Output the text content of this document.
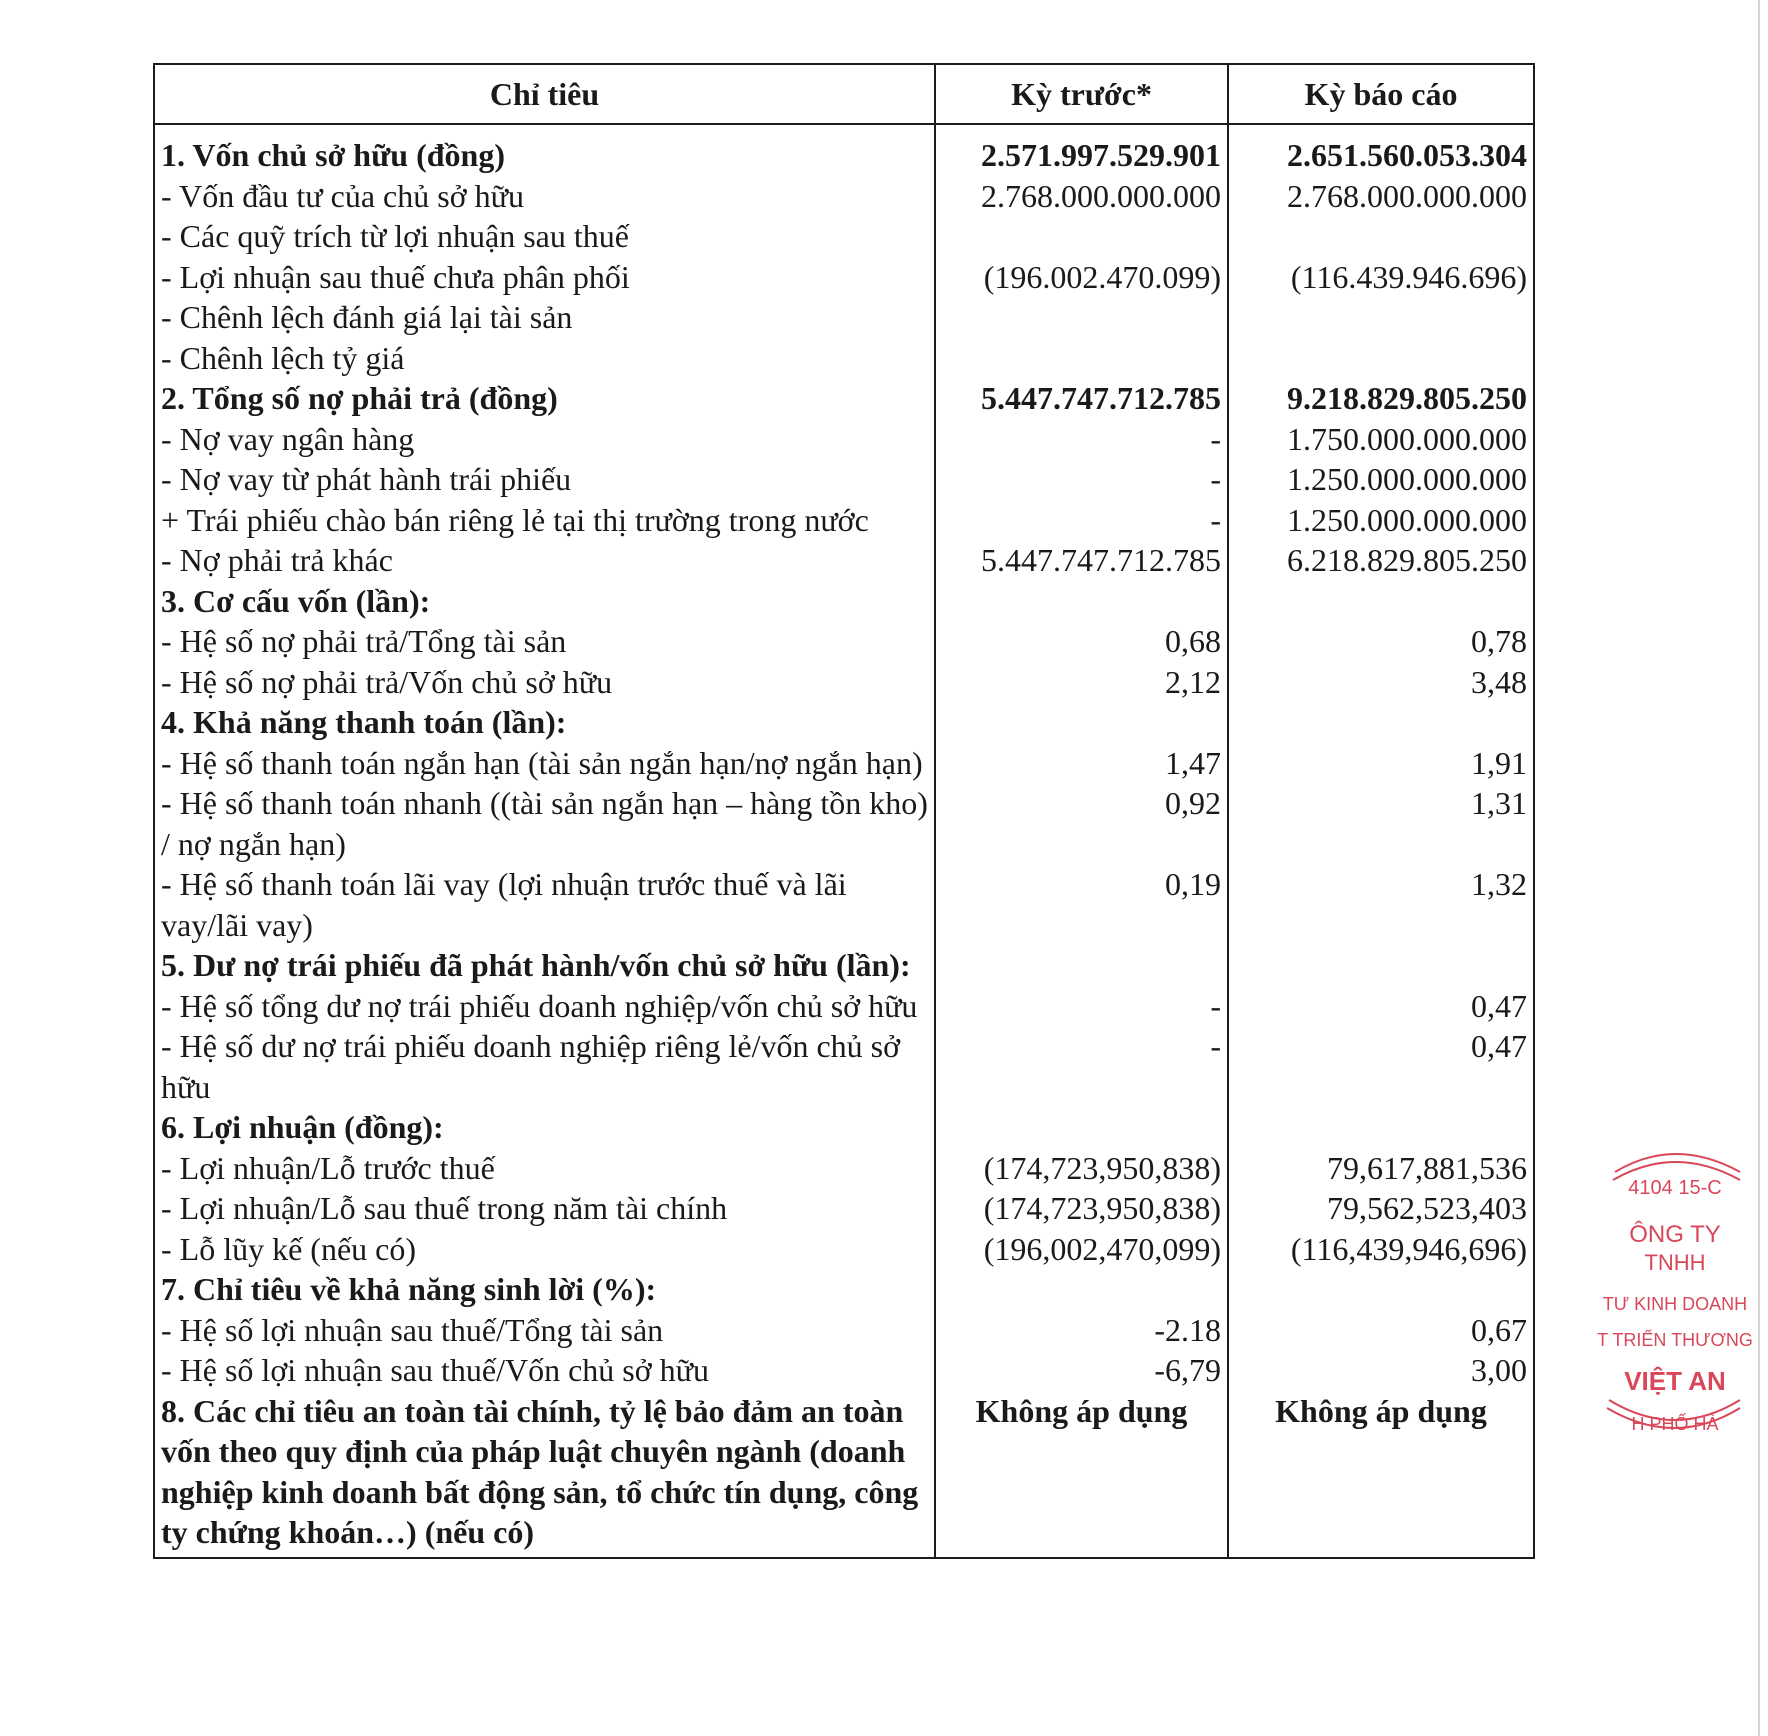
Chỉ tiêu	Kỳ trước*	Kỳ báo cáo
1. Vốn chủ sở hữu (đồng)	2.571.997.529.901	2.651.560.053.304
- Vốn đầu tư của chủ sở hữu	2.768.000.000.000	2.768.000.000.000
- Các quỹ trích từ lợi nhuận sau thuế		
- Lợi nhuận sau thuế chưa phân phối	(196.002.470.099)	(116.439.946.696)
- Chênh lệch đánh giá lại tài sản		
- Chênh lệch tỷ giá		
2. Tổng số nợ phải trả (đồng)	5.447.747.712.785	9.218.829.805.250
- Nợ vay ngân hàng	-	1.750.000.000.000
- Nợ vay từ phát hành trái phiếu	-	1.250.000.000.000
+ Trái phiếu chào bán riêng lẻ tại thị trường trong nước	-	1.250.000.000.000
- Nợ phải trả khác	5.447.747.712.785	6.218.829.805.250
3. Cơ cấu vốn (lần):		
- Hệ số nợ phải trả/Tổng tài sản	0,68	0,78
- Hệ số nợ phải trả/Vốn chủ sở hữu	2,12	3,48
4. Khả năng thanh toán (lần):		
- Hệ số thanh toán ngắn hạn (tài sản ngắn hạn/nợ ngắn hạn)	1,47	1,91
- Hệ số thanh toán nhanh ((tài sản ngắn hạn – hàng tồn kho) / nợ ngắn hạn)	0,92	1,31
- Hệ số thanh toán lãi vay (lợi nhuận trước thuế và lãi vay/lãi vay)	0,19	1,32
5. Dư nợ trái phiếu đã phát hành/vốn chủ sở hữu (lần):		
- Hệ số tổng dư nợ trái phiếu doanh nghiệp/vốn chủ sở hữu	-	0,47
- Hệ số dư nợ trái phiếu doanh nghiệp riêng lẻ/vốn chủ sở hữu	-	0,47
6. Lợi nhuận (đồng):		
- Lợi nhuận/Lỗ trước thuế	(174,723,950,838)	79,617,881,536
- Lợi nhuận/Lỗ sau thuế trong năm tài chính	(174,723,950,838)	79,562,523,403
- Lỗ lũy kế (nếu có)	(196,002,470,099)	(116,439,946,696)
7. Chỉ tiêu về khả năng sinh lời (%):		
- Hệ số lợi nhuận sau thuế/Tổng tài sản	-2.18	0,67
- Hệ số lợi nhuận sau thuế/Vốn chủ sở hữu	-6,79	3,00
8. Các chỉ tiêu an toàn tài chính, tỷ lệ bảo đảm an toàn vốn theo quy định của pháp luật chuyên ngành (doanh nghiệp kinh doanh bất động sản, tổ chức tín dụng, công ty chứng khoán…) (nếu có)	Không áp dụng	Không áp dụng
4104 15-C
ÔNG TY
TNHH
TƯ KINH DOANH
T TRIỂN THƯƠNG
VIỆT AN
H PHỐ HÀ
